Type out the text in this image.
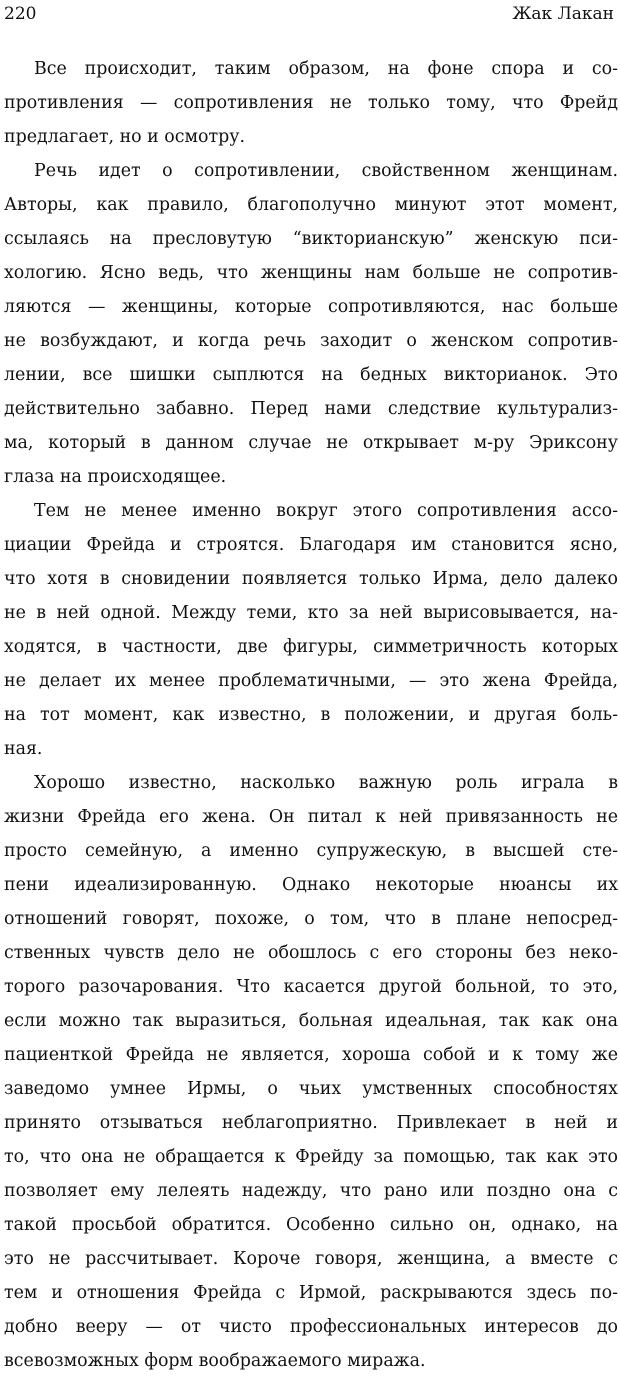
220	Жак Лакан
Все происходит, таким образом, на фоне спора и со-
противления — сопротивления не только тому, что Фрейд
предлагает, но и осмотру.
Речь идет о сопротивлении, свойственном женщинам.
Авторы, как правило, благополучно минуют этот момент,
ссылаясь на пресловутую “викторианскую” женскую пси-
хологию. Ясно ведь, что женщины нам больше не сопротив-
ляются — женщины, которые сопротивляются, нас больше
не возбуждают, и когда речь заходит о женском сопротив-
лении, все шишки сыплются на бедных викторианок. Это
действительно забавно. Перед нами следствие культурализ-
ма, который в данном случае не открывает м-ру Эриксону
глаза на происходящее.
Тем не менее именно вокруг этого сопротивления ассо-
циации Фрейда и строятся. Благодаря им становится ясно,
что хотя в сновидении появляется только Ирма, дело далеко
не в ней одной. Между теми, кто за ней вырисовывается, на-
ходятся, в частности, две фигуры, симметричность которых
не делает их менее проблематичными, — это жена Фрейда,
на тот момент, как известно, в положении, и другая боль-
ная.
Хорошо известно, насколько важную роль играла в
жизни Фрейда его жена. Он питал к ней привязанность не
просто семейную, а именно супружескую, в высшей сте-
пени идеализированную. Однако некоторые нюансы их
отношений говорят, похоже, о том, что в плане непосред-
ственных чувств дело не обошлось с его стороны без неко-
торого разочарования. Что касается другой больной, то это,
если можно так выразиться, больная идеальная, так как она
пациенткой Фрейда не является, хороша собой и к тому же
заведомо умнее Ирмы, о чьих умственных способностях
принято отзываться неблагоприятно. Привлекает в ней и
то, что она не обращается к Фрейду за помощью, так как это
позволяет ему лелеять надежду, что рано или поздно она с
такой просьбой обратится. Особенно сильно он, однако, на
это не рассчитывает. Короче говоря, женщина, а вместе с
тем и отношения Фрейда с Ирмой, раскрываются здесь по-
добно вееру — от чисто профессиональных интересов до
всевозможных форм воображаемого миража.
